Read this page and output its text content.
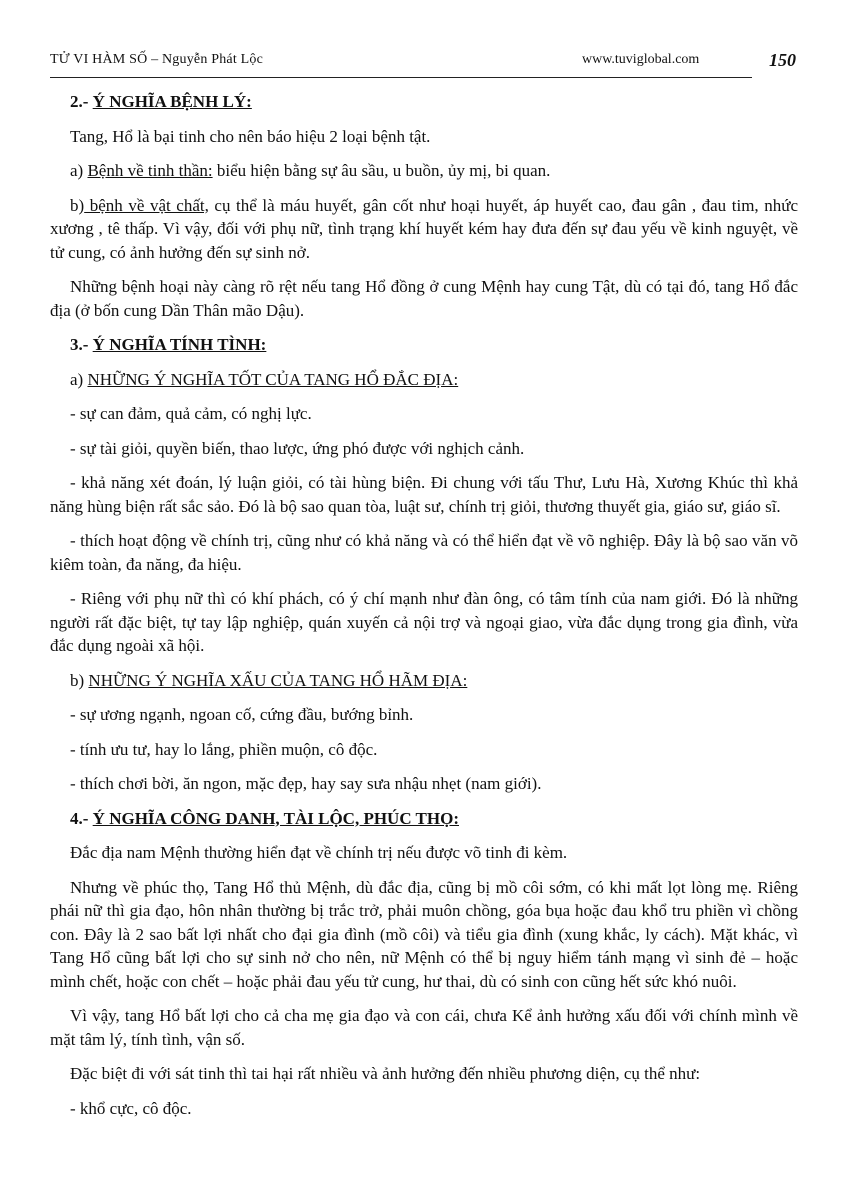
TỬ VI HÀM SỐ – Nguyễn Phát Lộc	www.tuviglobal.com	150

2.- Ý NGHĨA BỆNH LÝ:

Tang, Hổ là bại tinh cho nên báo hiệu 2 loại bệnh tật.

a) Bệnh về tinh thần: biểu hiện bằng sự âu sầu, u buồn, ủy mị, bi quan.

b) bệnh về vật chất, cụ thể là máu huyết, gân cốt như hoại huyết, áp huyết cao, đau gân , đau tim, nhức xương , tê thấp. Vì vậy, đối với phụ nữ, tình trạng khí huyết kém hay đưa đến sự đau yếu về kinh nguyệt, về tử cung, có ảnh hưởng đến sự sinh nở.

Những bệnh hoại này càng rõ rệt nếu tang Hổ đồng ở cung Mệnh hay cung Tật, dù có tại đó, tang Hổ đắc địa (ở bốn cung Dần Thân mão Dậu).

3.- Ý NGHĨA TÍNH TÌNH:

a) NHỮNG Ý NGHĨA TỐT CỦA TANG HỔ ĐẮC ĐỊA:

- sự can đảm, quả cảm, có nghị lực.

- sự tài giỏi, quyền biến, thao lược, ứng phó được với nghịch cảnh.

- khả năng xét đoán, lý luận giỏi, có tài hùng biện. Đi chung với tấu Thư, Lưu Hà, Xương Khúc thì khả năng hùng biện rất sắc sảo. Đó là bộ sao quan tòa, luật sư, chính trị giỏi, thương thuyết gia, giáo sư, giáo sĩ.

- thích hoạt động về chính trị, cũng như có khả năng và có thể hiển đạt về võ nghiệp. Đây là bộ sao văn võ kiêm toàn, đa năng, đa hiệu.

- Riêng với phụ nữ thì có khí phách, có ý chí mạnh như đàn ông, có tâm tính của nam giới. Đó là những người rất đặc biệt, tự tay lập nghiệp, quán xuyến cả nội trợ và ngoại giao, vừa đắc dụng trong gia đình, vừa đắc dụng ngoài xã hội.

b) NHỮNG Ý NGHĨA XẤU CỦA TANG HỔ HÃM ĐỊA:

- sự ương ngạnh, ngoan cố, cứng đầu, bướng bỉnh.

- tính ưu tư, hay lo lắng, phiền muộn, cô độc.

- thích chơi bời, ăn ngon, mặc đẹp, hay say sưa nhậu nhẹt (nam giới).

4.- Ý NGHĨA CÔNG DANH, TÀI LỘC, PHÚC THỌ:

Đắc địa nam Mệnh thường hiển đạt về chính trị nếu được võ tinh đi kèm.

Nhưng về phúc thọ, Tang Hổ thủ Mệnh, dù đắc địa, cũng bị mồ côi sớm, có khi mất lọt lòng mẹ. Riêng phái nữ thì gia đạo, hôn nhân thường bị trắc trở, phải muôn chồng, góa bụa hoặc đau khổ tru phiền vì chồng con. Đây là 2 sao bất lợi nhất cho đại gia đình (mồ côi) và tiểu gia đình (xung khắc, ly cách). Mặt khác, vì Tang Hổ cũng bất lợi cho sự sinh nở cho nên, nữ Mệnh có thể bị nguy hiểm tánh mạng vì sinh đẻ – hoặc mình chết, hoặc con chết – hoặc phải đau yếu tử cung, hư thai, dù có sinh con cũng hết sức khó nuôi.

Vì vậy, tang Hổ bất lợi cho cả cha mẹ gia đạo và con cái, chưa Kể ảnh hưởng xấu đối với chính mình về mặt tâm lý, tính tình, vận số.

Đặc biệt đi với sát tinh thì tai hại rất nhiều và ảnh hưởng đến nhiều phương diện, cụ thể như:

- khổ cực, cô độc.
